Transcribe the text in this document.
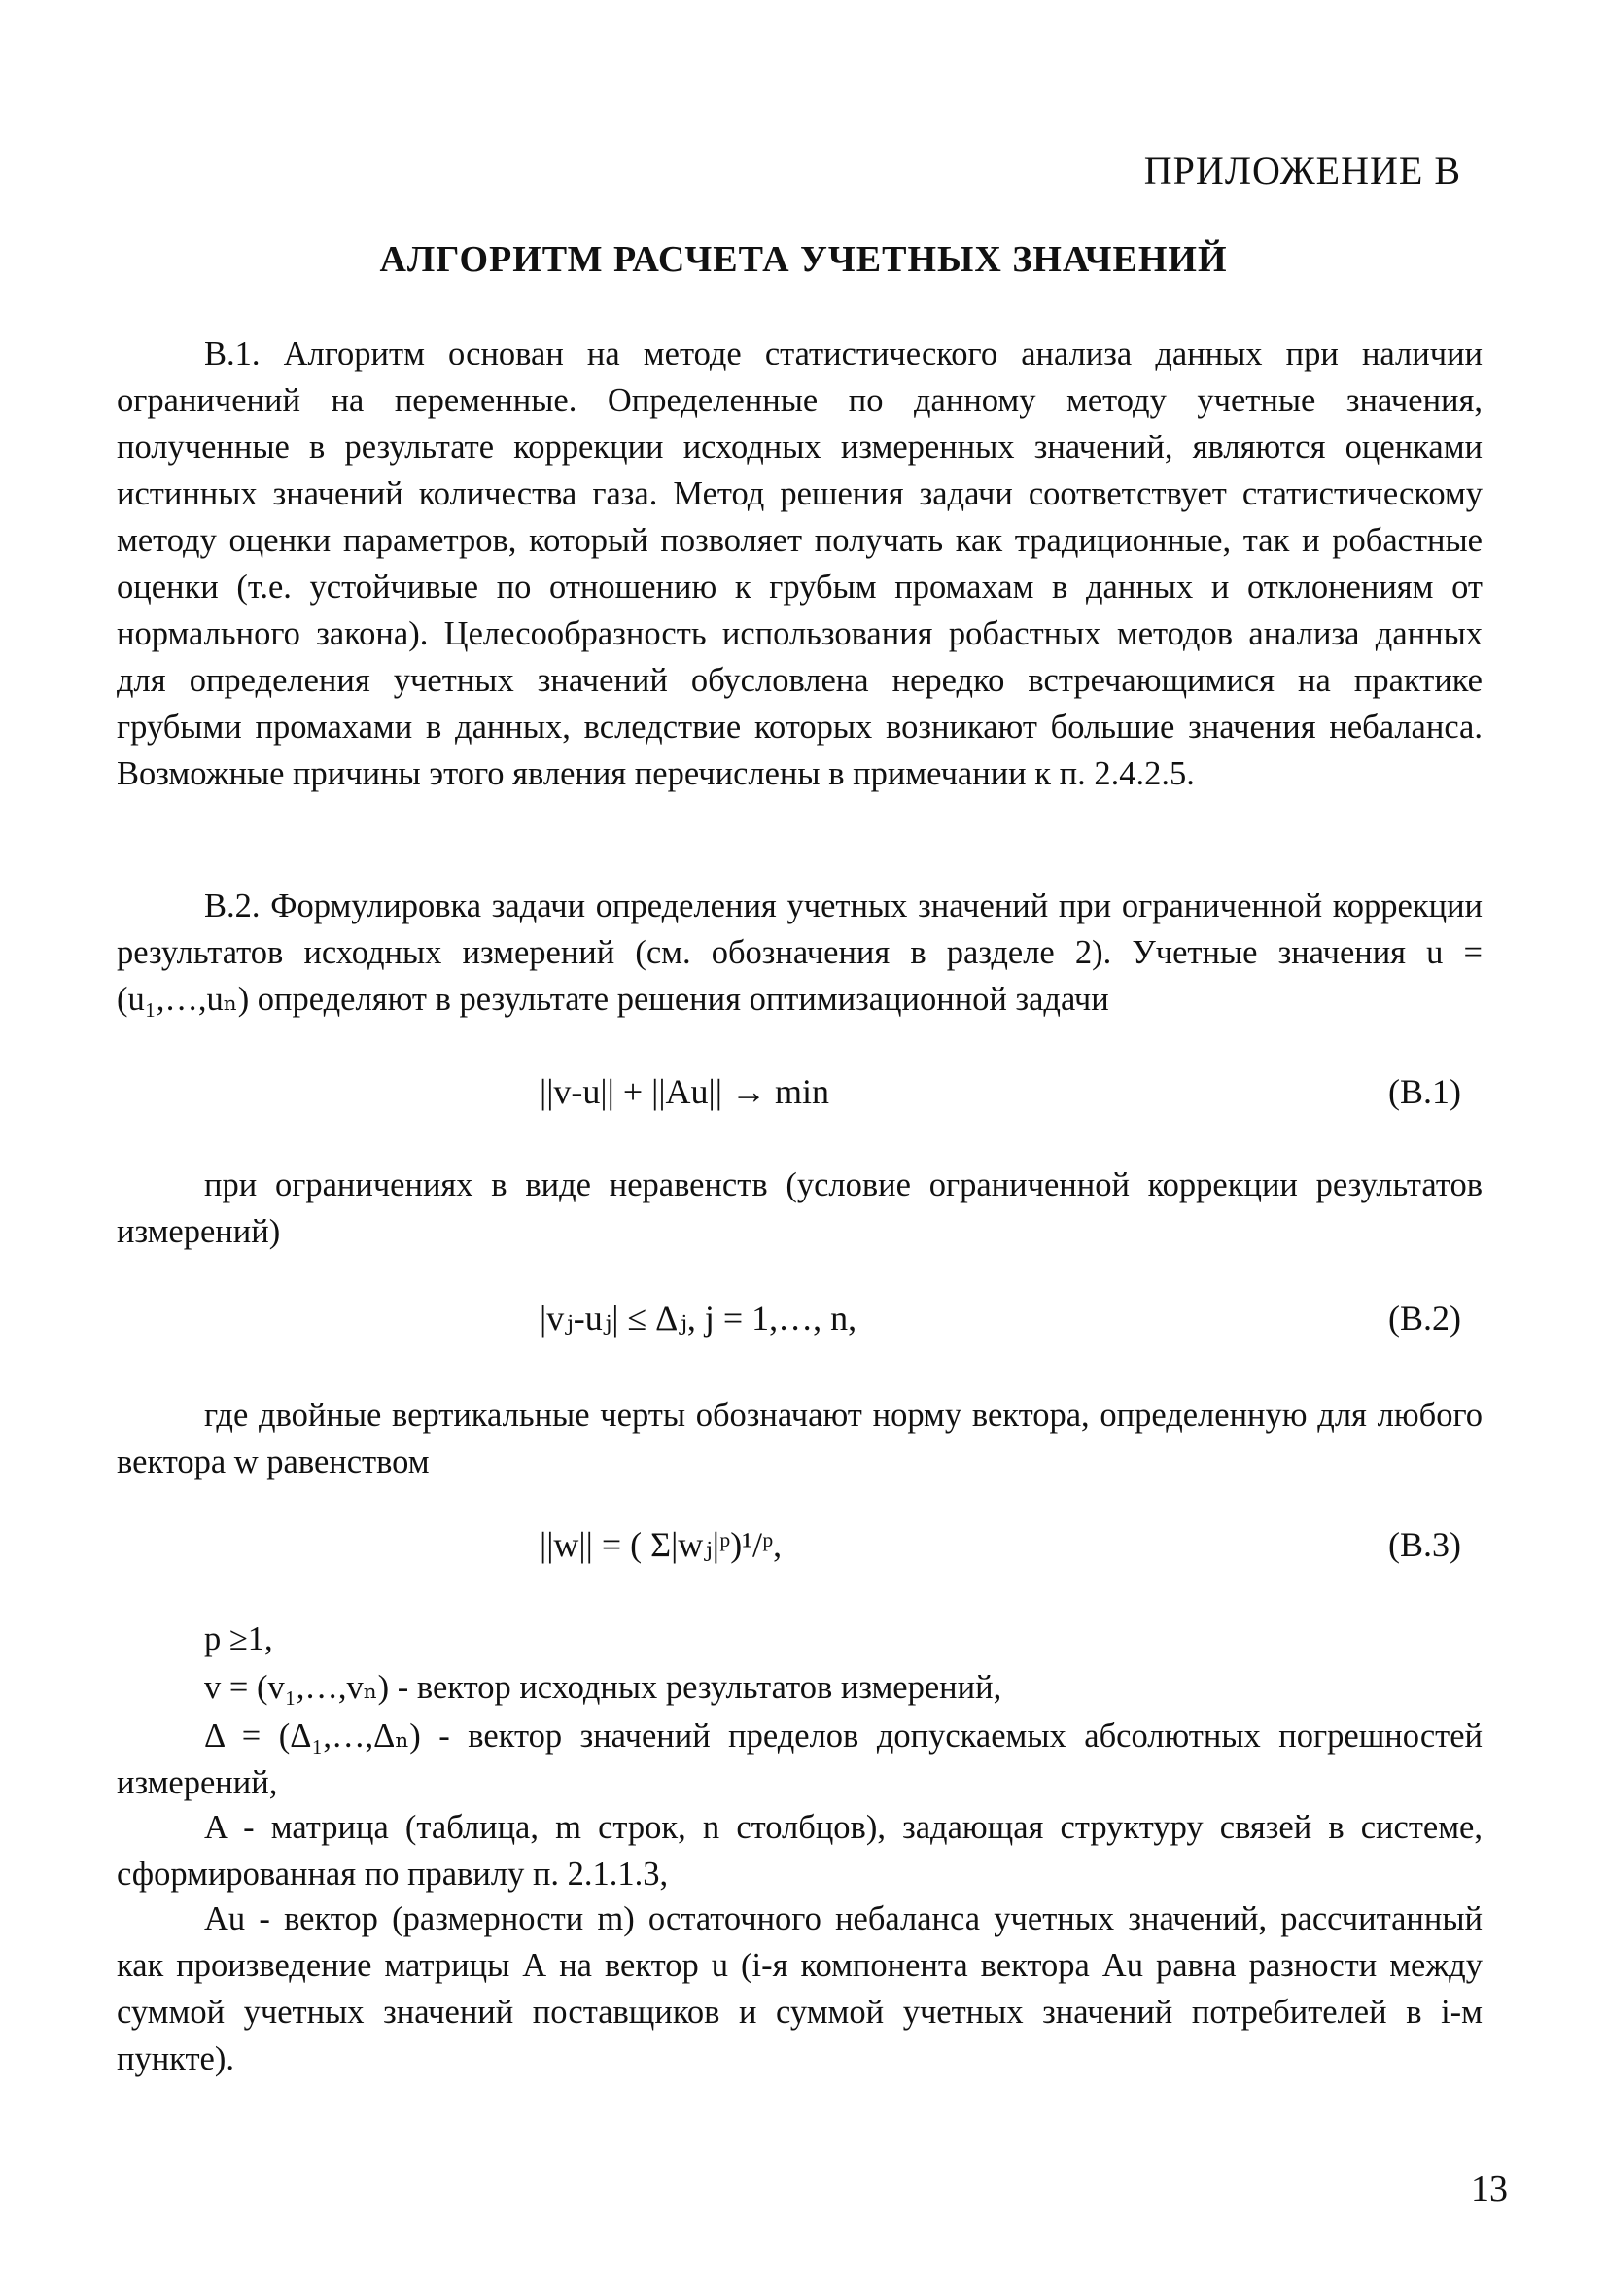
ПРИЛОЖЕНИЕ В
АЛГОРИТМ РАСЧЕТА УЧЕТНЫХ ЗНАЧЕНИЙ

В.1. Алгоритм основан на методе статистического анализа данных при наличии ограничений на переменные. Определенные по данному методу учетные значения, полученные в результате коррекции исходных измеренных значений, являются оценками истинных значений количества газа. Метод решения задачи соответствует статистическому методу оценки параметров, который позволяет получать как традиционные, так и робастные оценки (т.е. устойчивые по отношению к грубым промахам в данных и отклонениям от нормального закона). Целесообразность использования робастных методов анализа данных для определения учетных значений обусловлена нередко встречающимися на практике грубыми промахами в данных, вследствие которых возникают большие значения небаланса. Возможные причины этого явления перечислены в примечании к п. 2.4.2.5.

В.2. Формулировка задачи определения учетных значений при ограниченной коррекции результатов исходных измерений (см. обозначения в разделе 2). Учетные значения u = (u₁,…,uₙ) определяют в результате решения оптимизационной задачи

||v-u|| + ||Au|| → min	(В.1)

при ограничениях в виде неравенств (условие ограниченной коррекции результатов измерений)

|vⱼ-uⱼ| ≤ Δⱼ, j = 1,…, n,	(В.2)

где двойные вертикальные черты обозначают норму вектора, определенную для любого вектора w равенством

||w|| = ( Σ|wⱼ|ᵖ)¹/ᵖ,	(В.3)

p ≥1,

v = (v₁,…,vₙ) - вектор исходных результатов измерений,

Δ = (Δ₁,…,Δₙ) - вектор значений пределов допускаемых абсолютных погрешностей измерений,

A - матрица (таблица, m строк, n столбцов), задающая структуру связей в системе, сформированная по правилу п. 2.1.1.3,

Au - вектор (размерности m) остаточного небаланса учетных значений, рассчитанный как произведение матрицы А на вектор u (i-я компонента вектора Au равна разности между суммой учетных значений поставщиков и суммой учетных значений потребителей в i-м пункте).

13
